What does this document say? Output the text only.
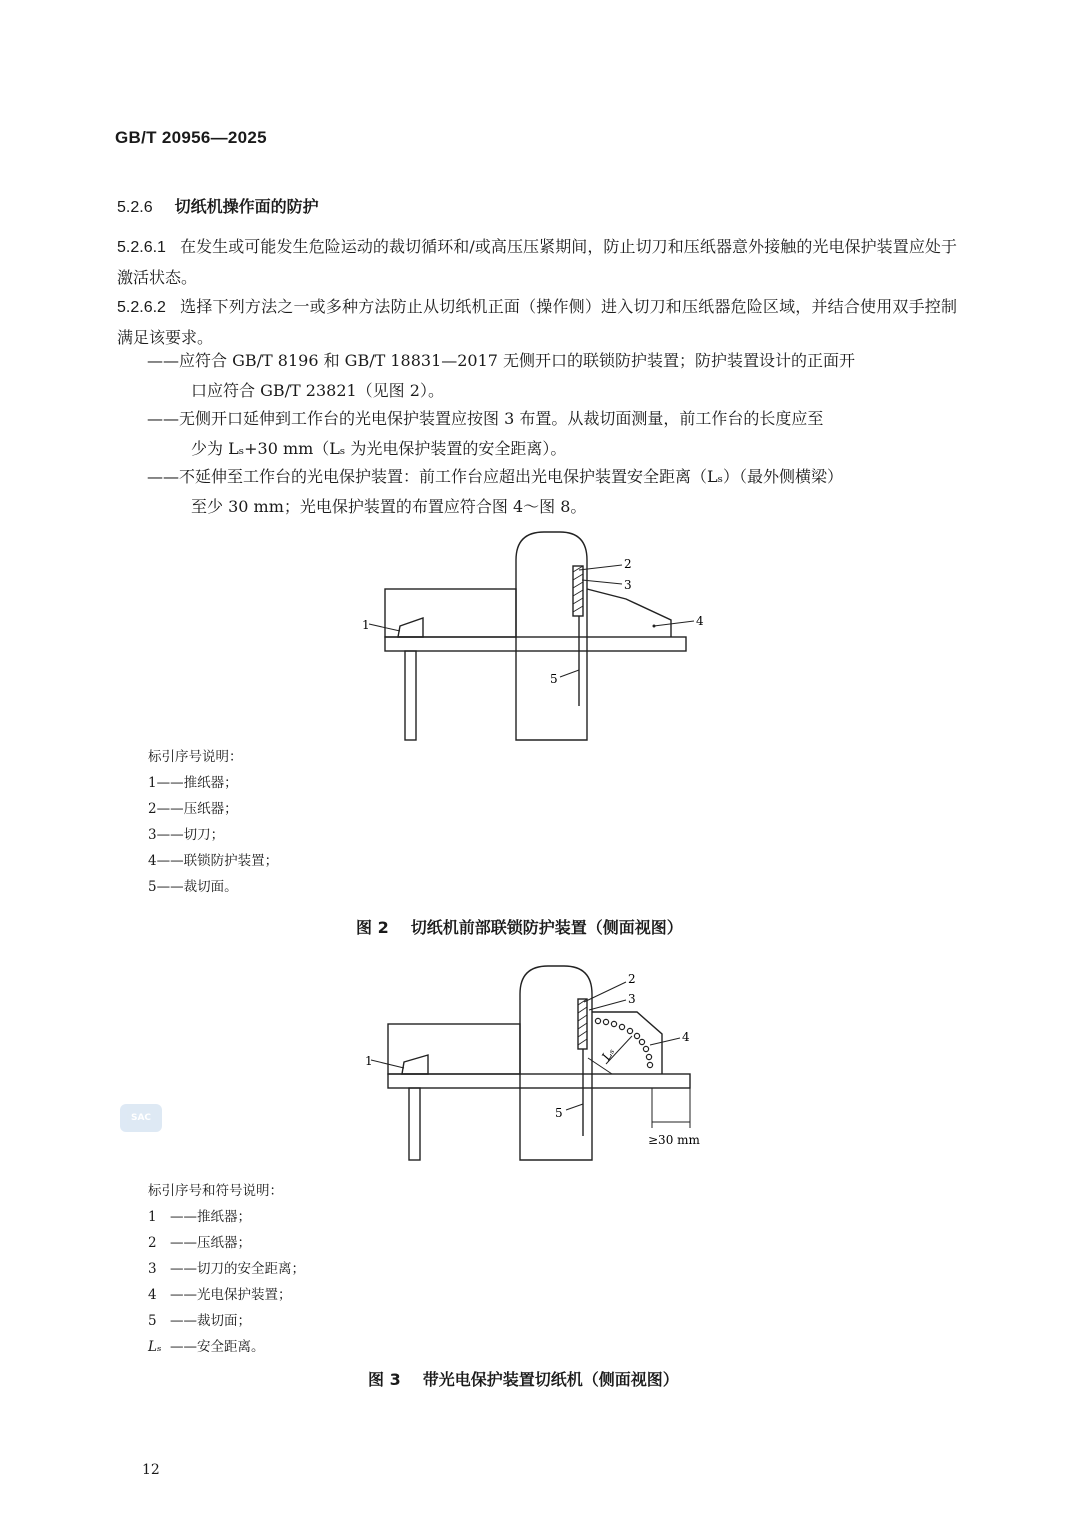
GB/T 20956—2025
5.2.6 切纸机操作面的防护
5.2.6.1 在发生或可能发生危险运动的裁切循环和/或高压压紧期间，防止切刀和压纸器意外接触的光电保护装置应处于激活状态。
5.2.6.2 选择下列方法之一或多种方法防止从切纸机正面（操作侧）进入切刀和压纸器危险区域，并结合使用双手控制满足该要求。
——应符合 GB/T 8196 和 GB/T 18831—2017 无侧开口的联锁防护装置；防护装置设计的正面开
口应符合 GB/T 23821（见图 2）。
——无侧开口延伸到工作台的光电保护装置应按图 3 布置。从裁切面测量，前工作台的长度应至
少为 Lₛ+30 mm（Lₛ 为光电保护装置的安全距离）。
——不延伸至工作台的光电保护装置：前工作台应超出光电保护装置安全距离（Lₛ）（最外侧横梁）
至少 30 mm；光电保护装置的布置应符合图 4～图 8。
1
2
3
4
5
1
2
3
4
5
Lₛ
≥30 mm
标引序号说明：
1——推纸器；
2——压纸器；
3——切刀；
4——联锁防护装置；
5——裁切面。
图 2 切纸机前部联锁防护装置（侧面视图）
SAC
标引序号和符号说明：
1 ——推纸器；
2 ——压纸器；
3 ——切刀的安全距离；
4 ——光电保护装置；
5 ——裁切面；
Lₛ ——安全距离。
图 3 带光电保护装置切纸机（侧面视图）
12
